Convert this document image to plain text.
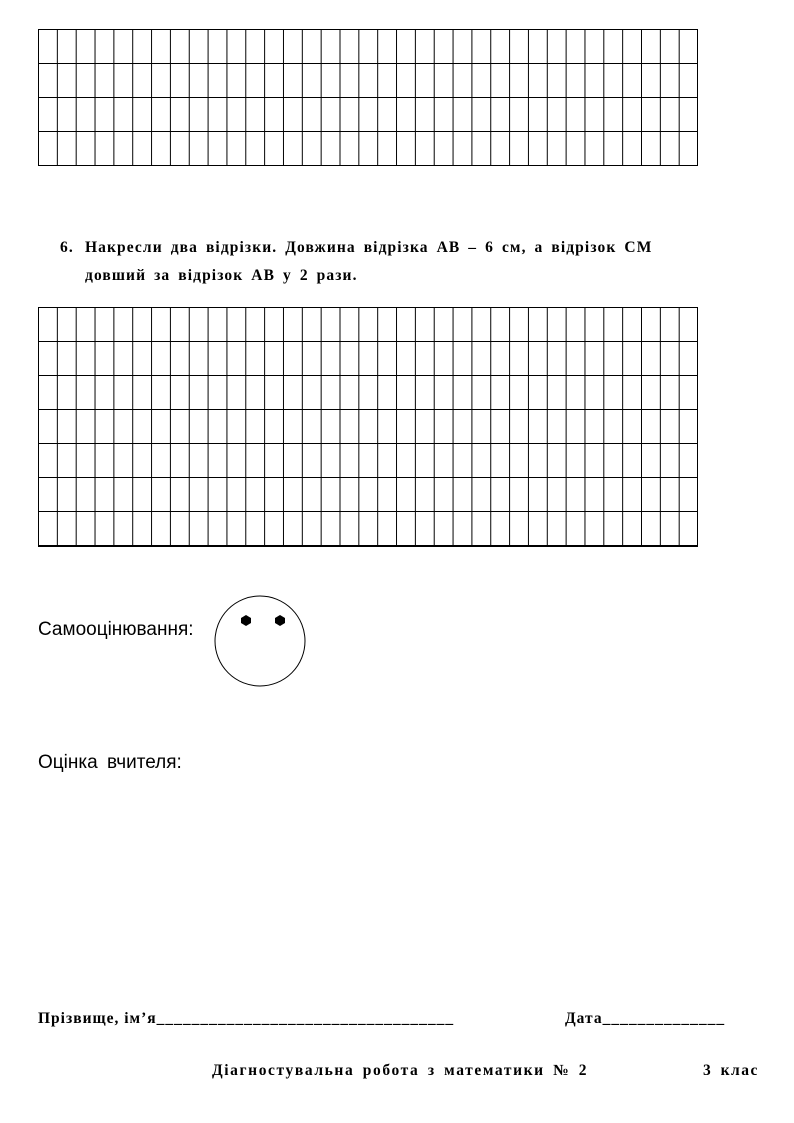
6. Накресли два відрізки. Довжина відрізка АВ – 6 см, а відрізок СМ
довший за відрізок АВ у 2 рази.
Самооцінювання:
Оцінка вчителя:
Прізвище, ім’я__________________________________	Дата______________
Діагностувальна робота з математики № 2	3 клас
